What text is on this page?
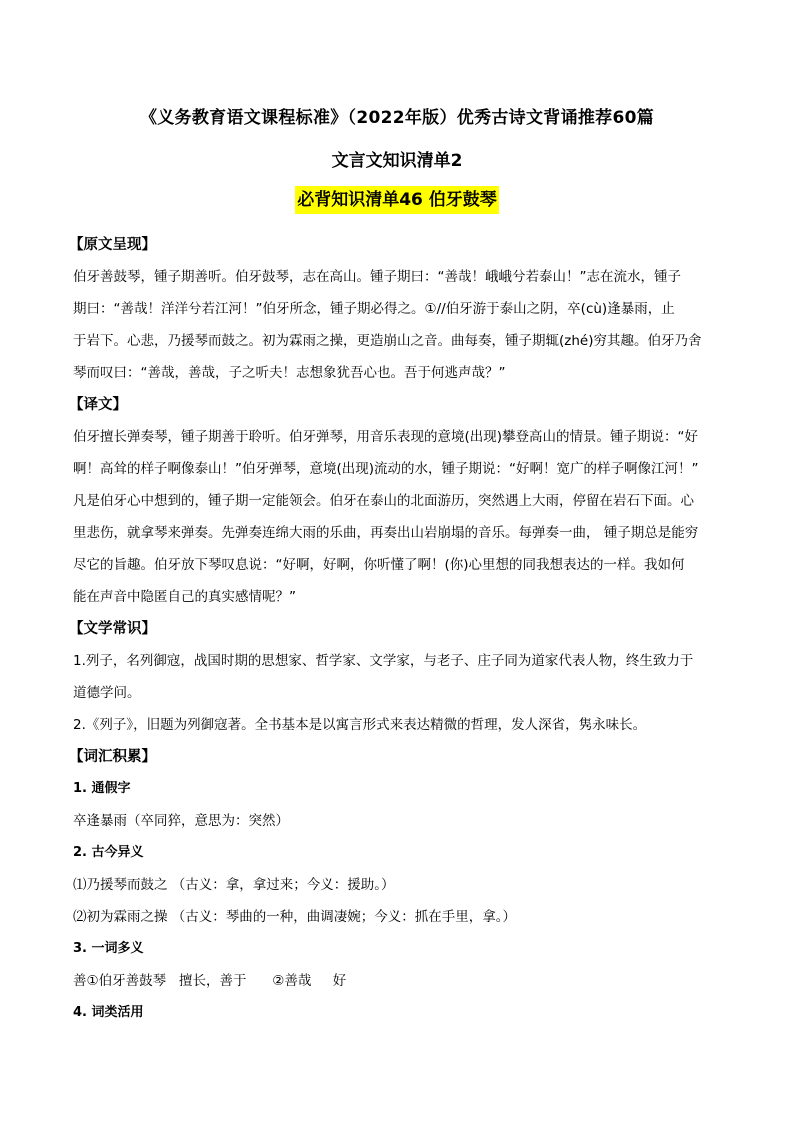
《义务教育语文课程标准》（2022年版）优秀古诗文背诵推荐60篇
文言文知识清单2
必背知识清单46 伯牙鼓琴
【原文呈现】
伯牙善鼓琴，锺子期善听。伯牙鼓琴，志在高山。锺子期曰：“善哉！峨峨兮若泰山！”志在流水，锺子
期曰：“善哉！洋洋兮若江河！”伯牙所念，锺子期必得之。①//伯牙游于泰山之阴，卒(cù)逢暴雨，止
于岩下。心悲，乃援琴而鼓之。初为霖雨之操，更造崩山之音。曲每奏，锺子期辄(zhé)穷其趣。伯牙乃舍
琴而叹曰：“善哉，善哉，子之听夫！志想象犹吾心也。吾于何逃声哉？”
【译文】
伯牙擅长弹奏琴，锺子期善于聆听。伯牙弹琴，用音乐表现的意境(出现)攀登高山的情景。锺子期说：“好
啊！高耸的样子啊像泰山！”伯牙弹琴，意境(出现)流动的水，锺子期说：“好啊！宽广的样子啊像江河！”
凡是伯牙心中想到的，锺子期一定能领会。伯牙在泰山的北面游历，突然遇上大雨，停留在岩石下面。心
里悲伤，就拿琴来弹奏。先弹奏连绵大雨的乐曲，再奏出山岩崩塌的音乐。每弹奏一曲， 锺子期总是能穷
尽它的旨趣。伯牙放下琴叹息说：“好啊，好啊，你听懂了啊！(你)心里想的同我想表达的一样。我如何
能在声音中隐匿自己的真实感情呢？”
【文学常识】
1.列子，名列御寇，战国时期的思想家、哲学家、文学家，与老子、庄子同为道家代表人物，终生致力于
道德学问。
2.《列子》，旧题为列御寇著。全书基本是以寓言形式来表达精微的哲理，发人深省，隽永味长。
【词汇积累】
1. 通假字
卒逢暴雨（卒同猝，意思为：突然）
2. 古今异义
⑴乃援琴而鼓之 （古义：拿，拿过来；今义：援助。）
⑵初为霖雨之操 （古义：琴曲的一种，曲调凄婉；今义：抓在手里，拿。）
3. 一词多义
善①伯牙善鼓琴   擅长，善于      ②善哉     好
4. 词类活用
